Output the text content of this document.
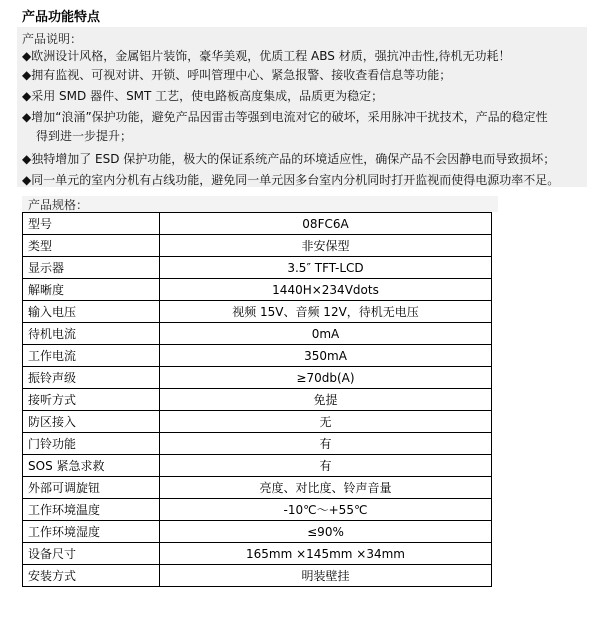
产品功能特点
产品说明：
◆欧洲设计风格，金属铝片装饰，豪华美观，优质工程 ABS 材质，强抗冲击性,待机无功耗！
◆拥有监视、可视对讲、开锁、呼叫管理中心、紧急报警、接收查看信息等功能；
◆采用 SMD 器件、SMT 工艺，使电路板高度集成，品质更为稳定；
◆增加“浪涌”保护功能，避免产品因雷击等强到电流对它的破坏，采用脉冲干扰技术，产品的稳定性
得到进一步提升；
◆独特增加了 ESD 保护功能，极大的保证系统产品的环境适应性，确保产品不会因静电而导致损坏；
◆同一单元的室内分机有占线功能，避免同一单元因多台室内分机同时打开监视而使得电源功率不足。
产品规格：
型号	08FC6A
类型	非安保型
显示器	3.5″ TFT-LCD
解晰度	1440H×234Vdots
输入电压	视频 15V、音频 12V，待机无电压
待机电流	0mA
工作电流	350mA
振铃声级	≥70db(A)
接听方式	免提
防区接入	无
门铃功能	有
SOS 紧急求救	有
外部可调旋钮	亮度、对比度、铃声音量
工作环境温度	-10℃～+55℃
工作环境湿度	≤90%
设备尺寸	165mm ×145mm ×34mm
安装方式	明装壁挂
